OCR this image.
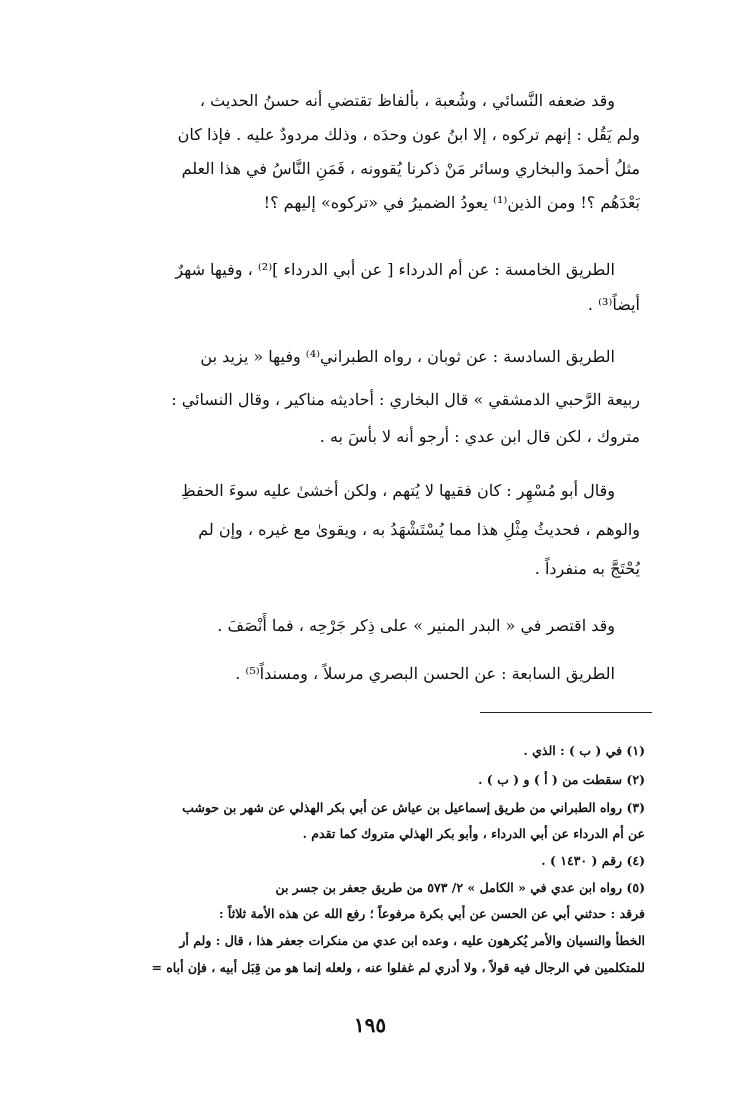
وقد ضعفه النَّسائي ، وشُعبة ، بألفاظ تقتضي أنه حسنُ الحديث ،
ولم يَقُل : إنهم تركوه ، إلا ابنُ عون وحدَه ، وذلك مردودٌ عليه . فإذا كان
مثلُ أحمدَ والبخاري وسائر مَنْ ذكرنا يُقوونه ، فَمَنِ النَّاسُ في هذا العلم
بَعْدَهُم ؟! ومن الذين⁽¹⁾ يعودُ الضميرُ في «تركوه» إليهم ؟!
الطريق الخامسة : عن أم الدرداء [ عن أبي الدرداء ]⁽²⁾ ، وفيها شهرٌ
أيضاً⁽³⁾ .
الطريق السادسة : عن ثوبان ، رواه الطبراني⁽⁴⁾ وفيها « يزيد بن
ربيعة الرَّحبي الدمشقي » قال البخاري : أحاديثه مناكير ، وقال النسائي :
متروك ، لكن قال ابن عدي : أرجو أنه لا بأْسَ به .
وقال أبو مُسْهِر : كان فقيها لا يُتهم ، ولكن أخشىٰ عليه سوءَ الحفظِ
والوهم ، فحديثُ مِثْلِ هذا مما يُسْتَشْهَدُ به ، ويقوىٰ مع غيره ، وإن لم
يُحْتَجَّ به منفرداً .
وقد اقتصر في « البدر المنير » على ذِكر جَرْحِه ، فما أَنْصَفَ .
الطريق السابعة : عن الحسن البصري مرسلاً ، ومسنداً⁽⁵⁾ .
(١) في ( ب ) : الذي .
(٢) سقطت من ( أ ) و ( ب ) .
(٣) رواه الطبراني من طريق إسماعيل بن عياش عن أبي بكر الهذلي عن شهر بن حوشب
عن أم الدرداء عن أبي الدرداء ، وأبو بكر الهذلي متروك كما تقدم .
(٤) رقم ( ١٤٣٠ ) .
(٥) رواه ابن عدي في « الكامل » ٢/ ٥٧٣ من طريق جعفر بن جسر بن
فرقد : حدثني أبي عن الحسن عن أبي بكرة مرفوعاً ؛ رفع الله عن هذه الأمة ثلاثاً :
الخطأ والنسيان والأمر يُكرهون عليه ، وعده ابن عدي من منكرات جعفر هذا ، قال : ولم أر
للمتكلمين في الرجال فيه قولاً ، ولا أدري لم غفلوا عنه ، ولعله إنما هو من قِبَل أبيه ، فإن أباه =
١٩٥
